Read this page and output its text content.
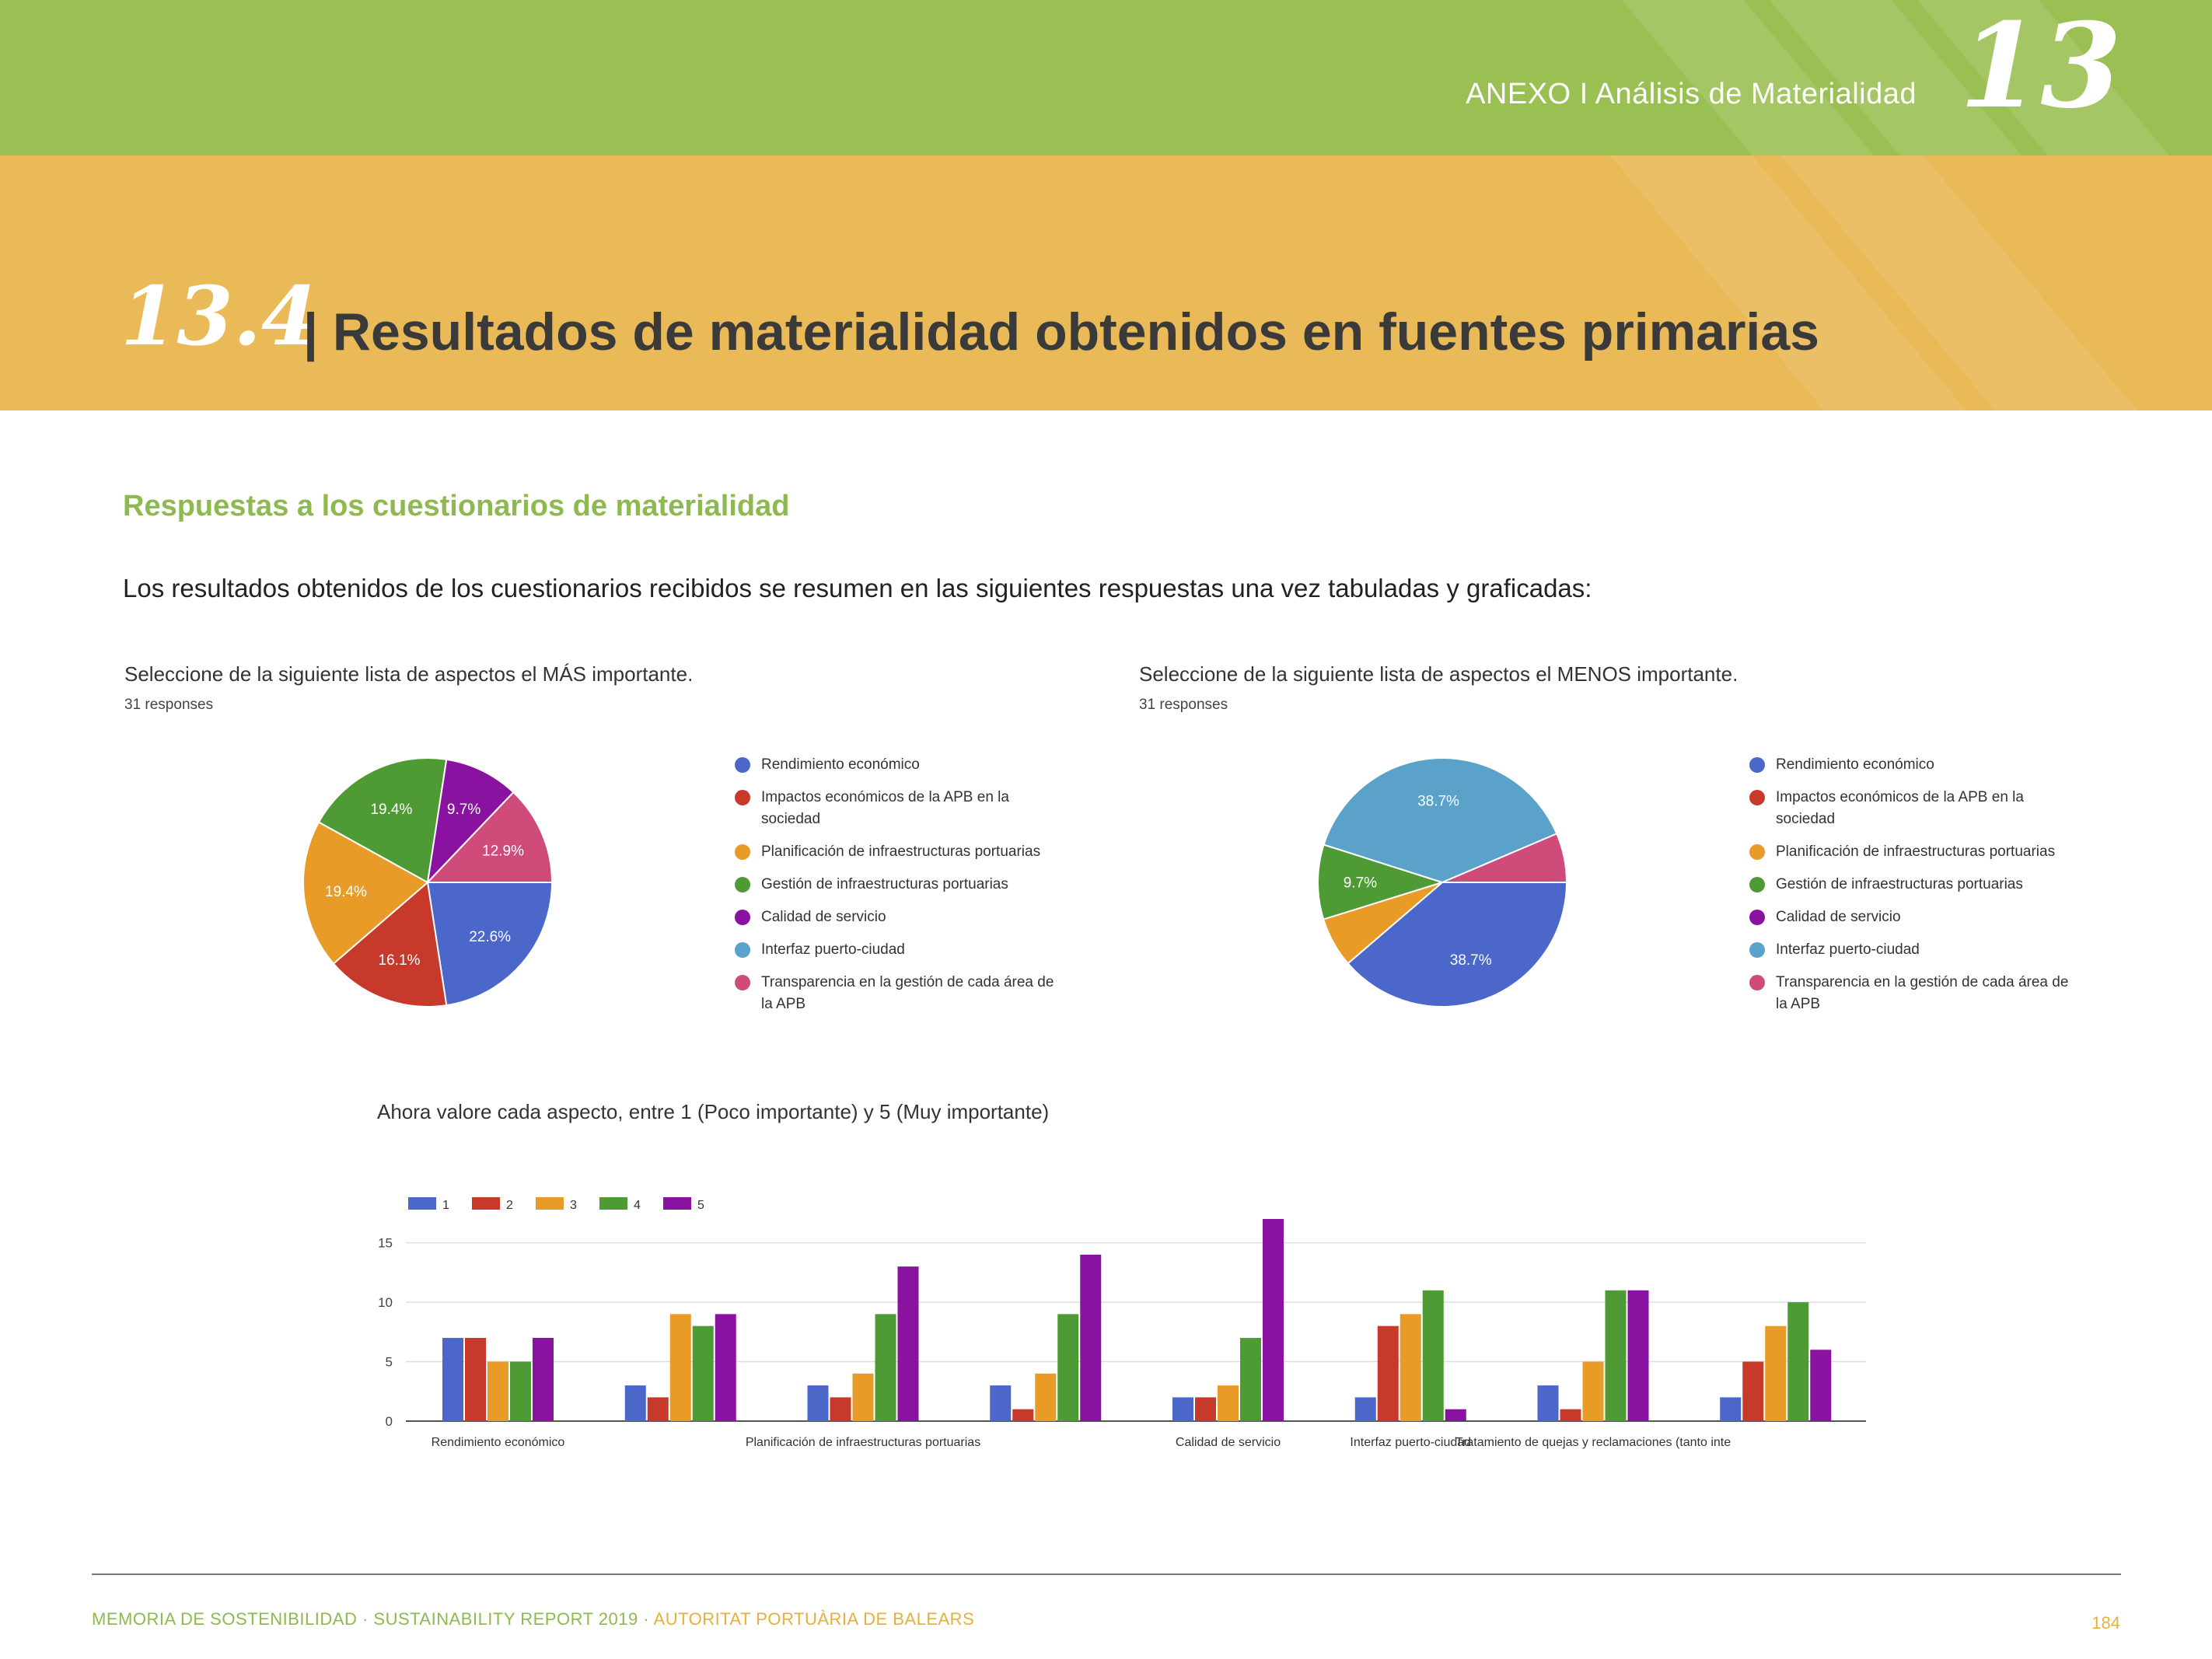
ANEXO I Análisis de Materialidad 13
13.4
| Resultados de materialidad obtenidos en fuentes primarias
Respuestas a los cuestionarios de materialidad
Los resultados obtenidos de los cuestionarios recibidos se resumen en las siguientes respuestas una vez tabuladas y graficadas:
Seleccione de la siguiente lista de aspectos el MÁS importante.
31 responses
22.6%
16.1%
19.4%
19.4% 9.7%
12.9%
Rendimiento económico
Impactos económicos de la APB en la sociedad
Planificación de infraestructuras portuarias
Gestión de infraestructuras portuarias
Calidad de servicio
Interfaz puerto-ciudad
Transparencia en la gestión de cada área de la APB
Seleccione de la siguiente lista de aspectos el MENOS importante.
31 responses
38.7%
9.7%
38.7%
Rendimiento económico
Impactos económicos de la APB en la sociedad
Planificación de infraestructuras portuarias
Gestión de infraestructuras portuarias
Calidad de servicio
Interfaz puerto-ciudad
Transparencia en la gestión de cada área de la APB
Ahora valore cada aspecto, entre 1 (Poco importante) y 5 (Muy importante)
1	2	3	4	5
0
5
10
15
Rendimiento económico	Planificación de infraestructuras portuarias	Calidad de servicio	Interfaz puerto-ciudad
Tratamiento de quejas y reclamaciones (tanto inte
MEMORIA DE SOSTENIBILIDAD · SUSTAINABILITY REPORT 2019 · AUTORITAT PORTUÀRIA DE BALEARS	184
